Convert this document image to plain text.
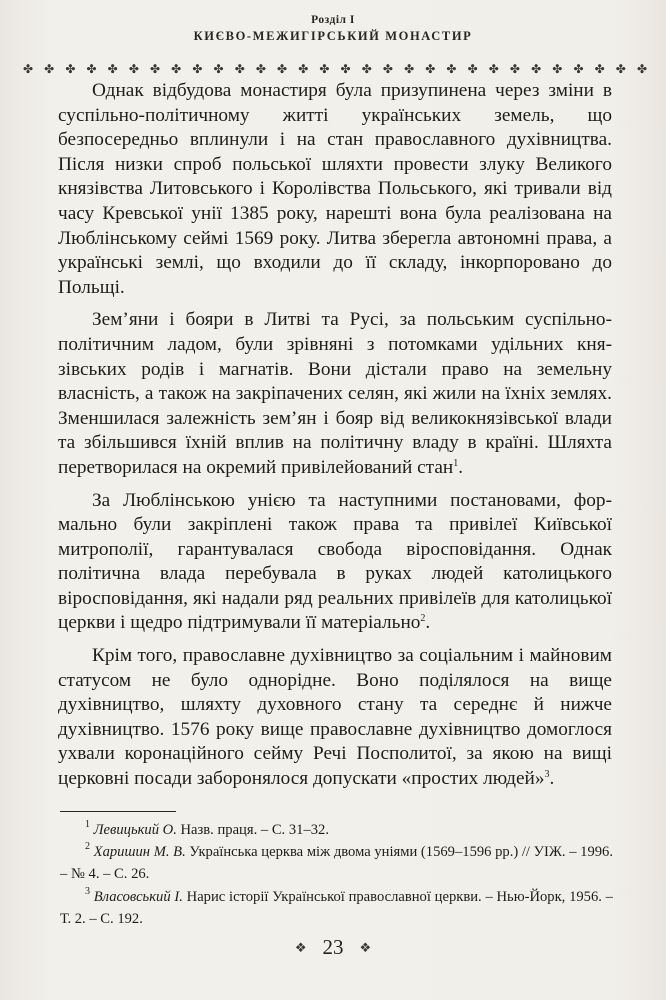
Розділ I
КИЄВО-МЕЖИГІРСЬКИЙ МОНАСТИР
✤ ✤ ✤ ✤ ✤ ✤ ✤ ✤ ✤ ✤ ✤ ✤ ✤ ✤ ✤ ✤ ✤ ✤ ✤ ✤ ✤ ✤ ✤ ✤ ✤ ✤ ✤ ✤ ✤ ✤

Однак відбудова монастиря була призупинена через зміни в суспільно-політичному житті українських земель, що безпосередньо вплинули і на стан православного духівництва. Після низки спроб польської шляхти провести злуку Великого князівства Литовського і Королівства Польського, які тривали від часу Кревської унії 1385 року, нарешті вона була реалізована на Люблінському сеймі 1569 року. Литва зберегла автономні права, а українські землі, що входили до її складу, інкорпоровано до Польщі.

Зем’яни і бояри в Литві та Русі, за польським суспільно-політичним ладом, були зрівняні з потомками удільних князівських родів і магнатів. Вони дістали право на земельну власність, а також на закріпачених селян, які жили на їхніх землях. Зменшилася залежність зем’ян і бояр від великокнязівської влади та збільшився їхній вплив на політичну владу в країні. Шляхта перетворилася на окремий привілейований стан$^1$.

За Люблінською унією та наступними постановами, формально були закріплені також права та привілеї Київської митрополії, гарантувалася свобода віросповідання. Однак політична влада перебувала в руках людей католицького віросповідання, які надали ряд реальних привілеїв для католицької церкви і щедро підтримували її матеріально$^2$.

Крім того, православне духівництво за соціальним і майновим статусом не було однорідне. Воно поділялося на вище духівництво, шляхту духовного стану та середнє й нижче духівництво. 1576 року вище православне духівництво домоглося ухвали коронаційного сейму Речі Посполитої, за якою на вищі церковні посади заборонялося допускати «простих людей»$^3$.

$^1$ Левицький О. Назв. праця. – С. 31–32.

$^2$ Харишин М. В. Українська церква між двома уніями (1569–1596 рр.) // УІЖ. – 1996. – № 4. – С. 26.

$^3$ Власовський І. Нарис історії Української православної церкви. – Нью-Йорк, 1956. – Т. 2. – С. 192.

❖ 23 ❖
